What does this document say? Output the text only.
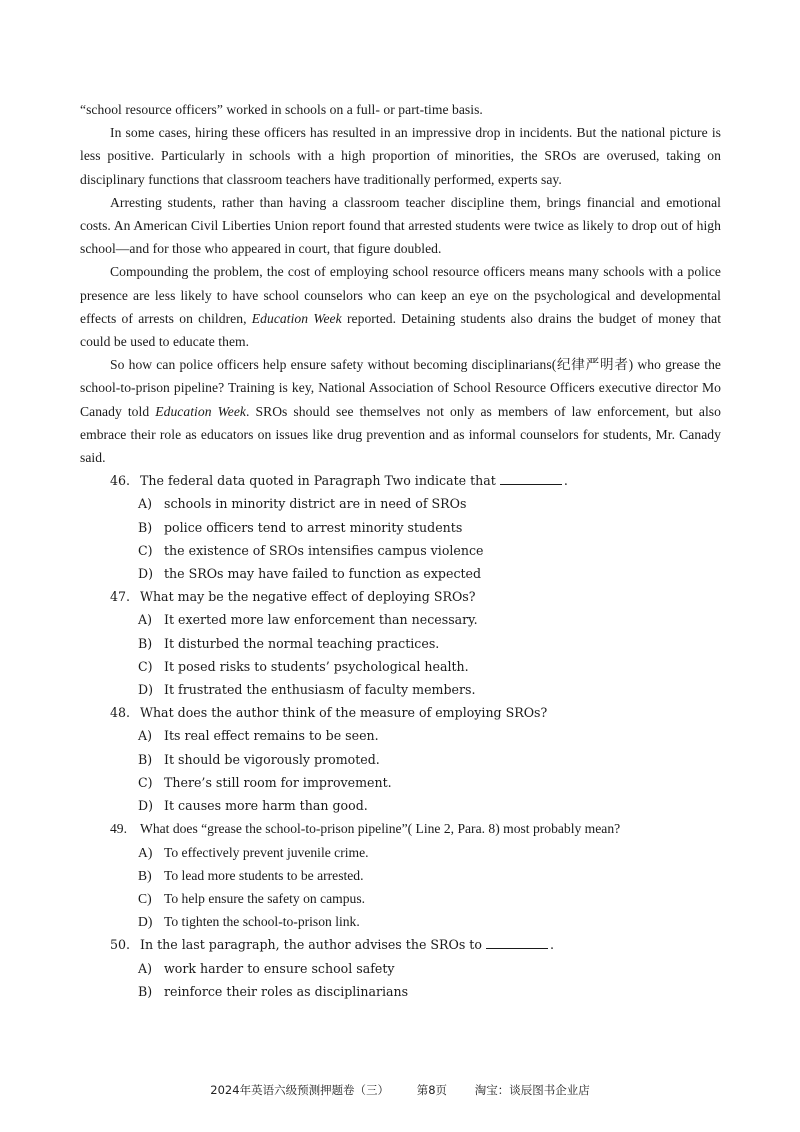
“school resource officers” worked in schools on a full- or part-time basis.

In some cases, hiring these officers has resulted in an impressive drop in incidents. But the national picture is less positive. Particularly in schools with a high proportion of minorities, the SROs are overused, taking on disciplinary functions that classroom teachers have traditionally performed, experts say.

Arresting students, rather than having a classroom teacher discipline them, brings financial and emotional costs. An American Civil Liberties Union report found that arrested students were twice as likely to drop out of high school—and for those who appeared in court, that figure doubled.

Compounding the problem, the cost of employing school resource officers means many schools with a police presence are less likely to have school counselors who can keep an eye on the psychological and developmental effects of arrests on children, Education Week reported. Detaining students also drains the budget of money that could be used to educate them.

So how can police officers help ensure safety without becoming disciplinarians(纪律严明者) who grease the school-to-prison pipeline? Training is key, National Association of School Resource Officers executive director Mo Canady told Education Week. SROs should see themselves not only as members of law enforcement, but also embrace their role as educators on issues like drug prevention and as informal counselors for students, Mr. Canady said.

46. The federal data quoted in Paragraph Two indicate that	.
A) schools in minority district are in need of SROs
B) police officers tend to arrest minority students
C) the existence of SROs intensifies campus violence
D) the SROs may have failed to function as expected
47. What may be the negative effect of deploying SROs?
A) It exerted more law enforcement than necessary.
B) It disturbed the normal teaching practices.
C) It posed risks to students’ psychological health.
D) It frustrated the enthusiasm of faculty members.
48. What does the author think of the measure of employing SROs?
A) Its real effect remains to be seen.
B) It should be vigorously promoted.
C) There’s still room for improvement.
D) It causes more harm than good.
49. What does “grease the school-to-prison pipeline”( Line 2, Para. 8) most probably mean?
A) To effectively prevent juvenile crime.
B) To lead more students to be arrested.
C) To help ensure the safety on campus.
D) To tighten the school-to-prison link.
50. In the last paragraph, the author advises the SROs to	.
A) work harder to ensure school safety
B) reinforce their roles as disciplinarians
2024年英语六级预测押题卷（三） 第8页 淘宝：谈辰图书企业店
